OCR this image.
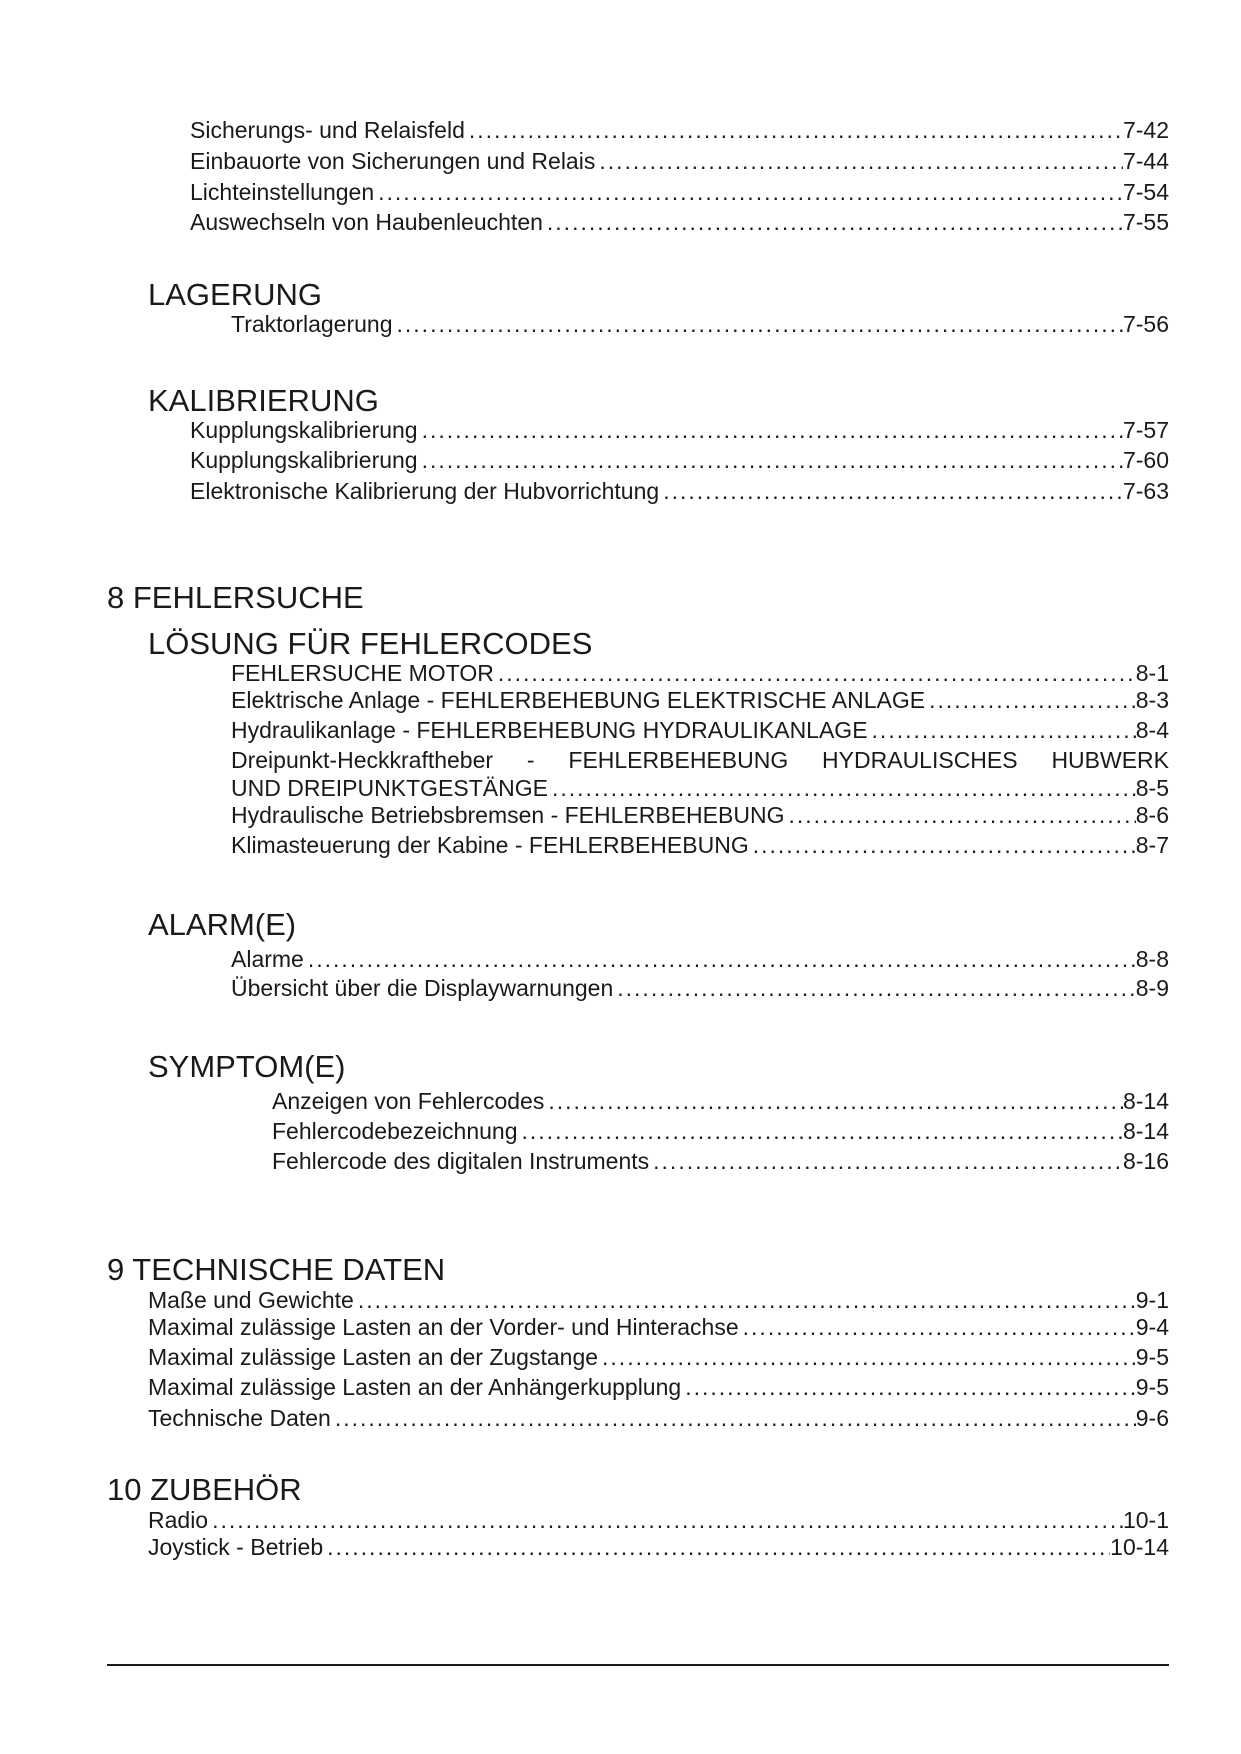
Sicherungs- und Relaisfeld .....	7-42
Einbauorte von Sicherungen und Relais .....	7-44
Lichteinstellungen .....	7-54
Auswechseln von Haubenleuchten .....	7-55
LAGERUNG
Traktorlagerung .....	7-56
KALIBRIERUNG
Kupplungskalibrierung .....	7-57
Kupplungskalibrierung .....	7-60
Elektronische Kalibrierung der Hubvorrichtung .....	7-63
8 FEHLERSUCHE
LÖSUNG FÜR FEHLERCODES
FEHLERSUCHE MOTOR .....	8-1
Elektrische Anlage - FEHLERBEHEBUNG ELEKTRISCHE ANLAGE .....	8-3
Hydraulikanlage - FEHLERBEHEBUNG HYDRAULIKANLAGE .....	8-4
Dreipunkt-Heckkraftheber - FEHLERBEHEBUNG HYDRAULISCHES HUBWERK
UND DREIPUNKTGESTÄNGE .....	8-5
Hydraulische Betriebsbremsen - FEHLERBEHEBUNG .....	8-6
Klimasteuerung der Kabine - FEHLERBEHEBUNG .....	8-7
ALARM(E)
Alarme .....	8-8
Übersicht über die Displaywarnungen .....	8-9
SYMPTOM(E)
Anzeigen von Fehlercodes .....	8-14
Fehlercodebezeichnung .....	8-14
Fehlercode des digitalen Instruments .....	8-16
9 TECHNISCHE DATEN
Maße und Gewichte .....	9-1
Maximal zulässige Lasten an der Vorder- und Hinterachse .....	9-4
Maximal zulässige Lasten an der Zugstange .....	9-5
Maximal zulässige Lasten an der Anhängerkupplung .....	9-5
Technische Daten .....	9-6
10 ZUBEHÖR
Radio .....	10-1
Joystick - Betrieb .....	10-14
